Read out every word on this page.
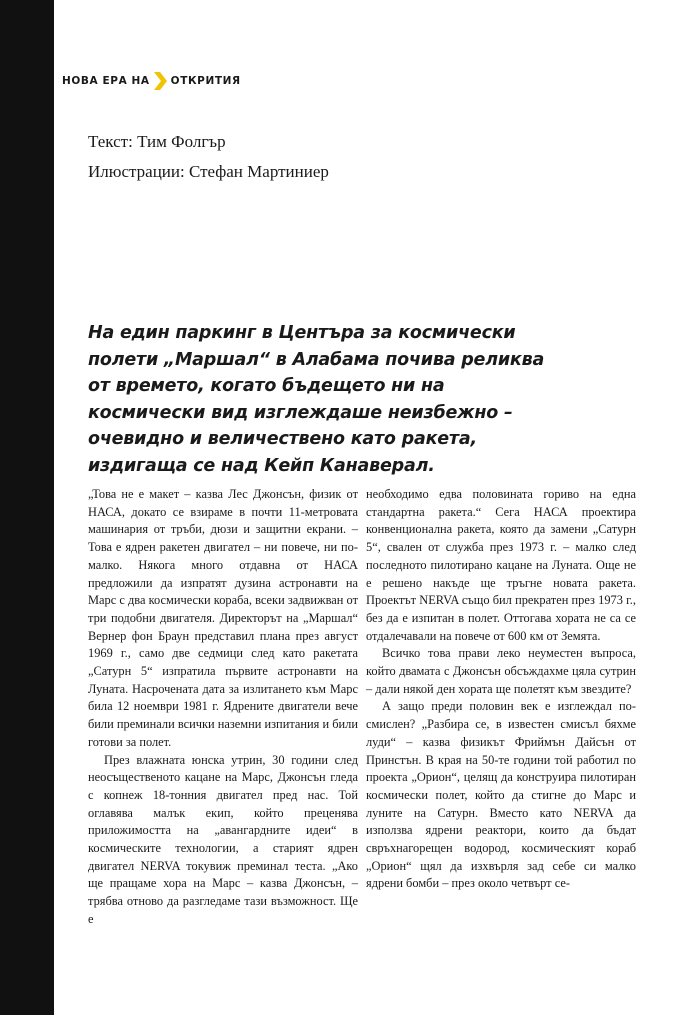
НОВА ЕРА НА ОТКРИТИЯ
Текст: Тим Фолгър
Илюстрации: Стефан Мартиниер
На един паркинг в Центъра за космически
полети „Маршал“ в Алабама почива реликва
от времето, когато бъдещето ни на
космически вид изглеждаше неизбежно –
очевидно и величествено като ракета,
издигаща се над Кейп Канаверал.

„Това не е макет – казва Лес Джонсън, физик от НАСА, докато се взираме в почти 11-метровата машинария от тръби, дюзи и защитни екрани. – Това е ядрен ракетен двигател – ни повече, ни по-малко. Някога много отдавна от НАСА предложили да изпратят дузина астронавти на Марс с два космически кораба, всеки задвижван от три подобни двигателя. Директорът на „Маршал“ Вернер фон Браун представил плана през август 1969 г., само две седмици след като ракетата „Сатурн 5“ изпратила първите астронавти на Луната. Насрочената дата за излитането към Марс била 12 ноември 1981 г. Ядрените двигатели вече били преминали всички наземни изпитания и били готови за полет.

През влажната юнска утрин, 30 години след неосъщественото кацане на Марс, Джонсън гледа с копнеж 18-тонния двигател пред нас. Той оглавява малък екип, който преценява приложимостта на „авангардните идеи“ в космическите технологии, а старият ядрен двигател NERVA токувиж преминал теста. „Ако ще пращаме хора на Марс – казва Джонсън, – трябва отново да разгледаме тази възможност. Ще е

необходимо едва половината гориво на една стандартна ракета.“ Сега НАСА проектира конвенционална ракета, която да замени „Сатурн 5“, свален от служба през 1973 г. – малко след последното пилотирано кацане на Луната. Още не е решено накъде ще тръгне новата ракета. Проектът NERVA също бил прекратен през 1973 г., без да е изпитан в полет. Оттогава хората не са се отдалечавали на повече от 600 км от Земята.

Всичко това прави леко неуместен въпроса, който двамата с Джонсън обсъждахме цяла сутрин – дали някой ден хората ще полетят към звездите?

А защо преди половин век е изглеждал по-смислен? „Разбира се, в известен смисъл бяхме луди“ – казва физикът Фриймън Дайсън от Принстън. В края на 50-те години той работил по проекта „Орион“, целящ да конструира пилотиран космически полет, който да стигне до Марс и луните на Сатурн. Вместо като NERVA да използва ядрени реактори, които да бъдат свръхнагорещен водород, космическият кораб „Орион“ щял да изхвърля зад себе си малко ядрени бомби – през около четвърт се-
